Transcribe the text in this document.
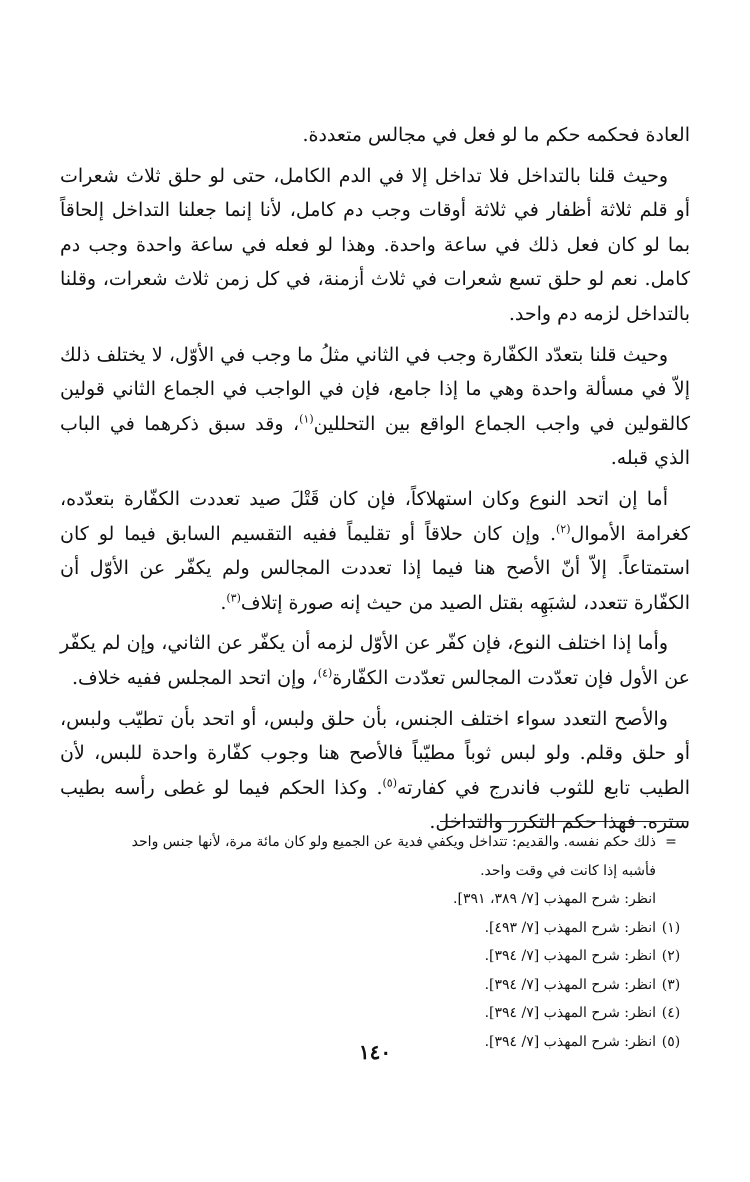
العادة فحكمه حكم ما لو فعل في مجالس متعددة.

وحيث قلنا بالتداخل فلا تداخل إلا في الدم الكامل، حتى لو حلق ثلاث شعرات أو قلم ثلاثة أظفار في ثلاثة أوقات وجب دم كامل، لأنا إنما جعلنا التداخل إلحاقاً بما لو كان فعل ذلك في ساعة واحدة. وهذا لو فعله في ساعة واحدة وجب دم كامل. نعم لو حلق تسع شعرات في ثلاث أزمنة، في كل زمن ثلاث شعرات، وقلنا بالتداخل لزمه دم واحد.

وحيث قلنا بتعدّد الكفّارة وجب في الثاني مثلُ ما وجب في الأوّل، لا يختلف ذلك إلاّ في مسألة واحدة وهي ما إذا جامع، فإن في الواجب في الجماع الثاني قولين كالقولين في واجب الجماع الواقع بين التحللين$^{(١)}$، وقد سبق ذكرهما في الباب الذي قبله.

أما إن اتحد النوع وكان استهلاكاً، فإن كان قَتْلَ صيد تعددت الكفّارة بتعدّده، كغرامة الأموال$^{(٢)}$. وإن كان حلاقاً أو تقليماً ففيه التقسيم السابق فيما لو كان استمتاعاً. إلاّ أنّ الأصح هنا فيما إذا تعددت المجالس ولم يكفّر عن الأوّل أن الكفّارة تتعدد، لشبَهِه بقتل الصيد من حيث إنه صورة إتلاف$^{(٣)}$.

وأما إذا اختلف النوع، فإن كفّر عن الأوّل لزمه أن يكفّر عن الثاني، وإن لم يكفّر عن الأول فإن تعدّدت المجالس تعدّدت الكفّارة$^{(٤)}$، وإن اتحد المجلس ففيه خلاف.

والأصح التعدد سواء اختلف الجنس، بأن حلق ولبس، أو اتحد بأن تطيّب ولبس، أو حلق وقلم. ولو لبس ثوباً مطيّباً فالأصح هنا وجوب كفّارة واحدة للبس، لأن الطيب تابع للثوب فاندرج في كفارته$^{(٥)}$. وكذا الحكم فيما لو غطى رأسه بطيب ستره. فهذا حكم التكرر والتداخل.

=
ذلك حكم نفسه. والقديم: تتداخل ويكفي فدية عن الجميع ولو كان مائة مرة، لأنها جنس واحد
فأشبه إذا كانت في وقت واحد.
انظر: شرح المهذب [٧/ ٣٨٩، ٣٩١].
(١)
انظر: شرح المهذب [٧/ ٤٩٣].
(٢)
انظر: شرح المهذب [٧/ ٣٩٤].
(٣)
انظر: شرح المهذب [٧/ ٣٩٤].
(٤)
انظر: شرح المهذب [٧/ ٣٩٤].
(٥)
انظر: شرح المهذب [٧/ ٣٩٤].
١٤٠
